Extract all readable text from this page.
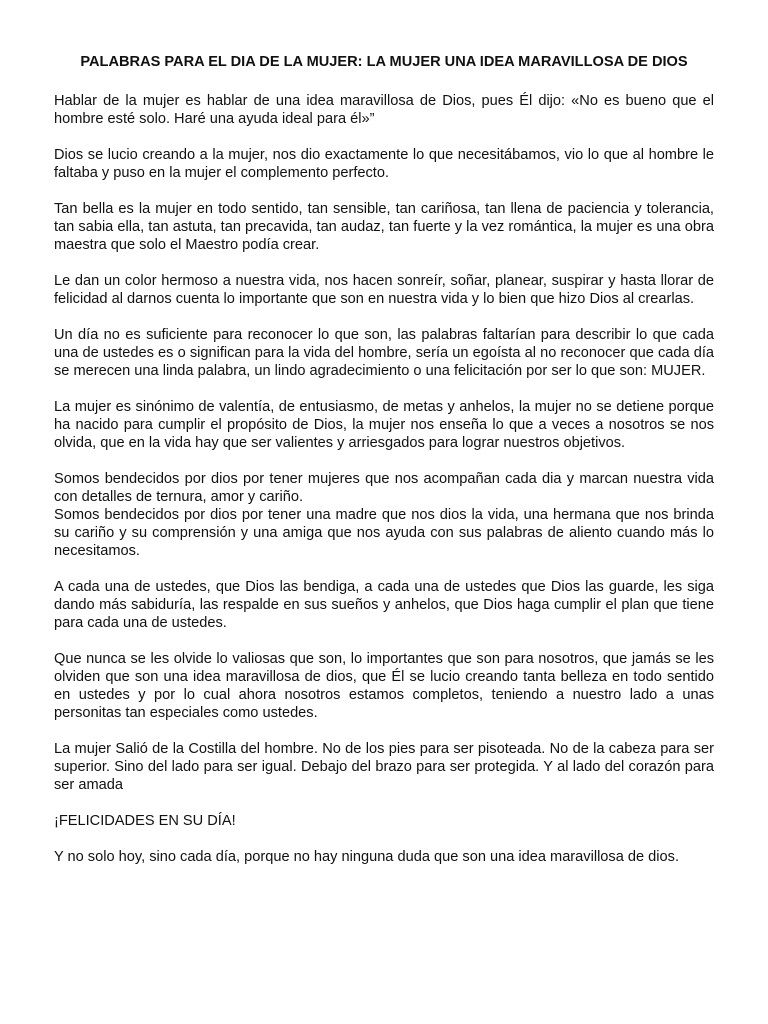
PALABRAS PARA EL DIA DE LA MUJER: LA MUJER UNA IDEA MARAVILLOSA DE DIOS

Hablar de la mujer es hablar de una idea maravillosa de Dios, pues Él dijo: «No es bueno que el hombre esté solo. Haré una ayuda ideal para él»”

Dios se lucio creando a la mujer, nos dio exactamente lo que necesitábamos, vio lo que al hombre le faltaba y puso en la mujer el complemento perfecto.

Tan bella es la mujer en todo sentido, tan sensible, tan cariñosa, tan llena de paciencia y tolerancia, tan sabia ella, tan astuta, tan precavida, tan audaz, tan fuerte y la vez romántica, la mujer es una obra maestra que solo el Maestro podía crear.

Le dan un color hermoso a nuestra vida, nos hacen sonreír, soñar, planear, suspirar y hasta llorar de felicidad al darnos cuenta lo importante que son en nuestra vida y lo bien que hizo Dios al crearlas.

Un día no es suficiente para reconocer lo que son, las palabras faltarían para describir lo que cada una de ustedes es o significan para la vida del hombre, sería un egoísta al no reconocer que cada día se merecen una linda palabra, un lindo agradecimiento o una felicitación por ser lo que son: MUJER.

La mujer es sinónimo de valentía, de entusiasmo, de metas y anhelos, la mujer no se detiene porque ha nacido para cumplir el propósito de Dios, la mujer nos enseña lo que a veces a nosotros se nos olvida, que en la vida hay que ser valientes y arriesgados para lograr nuestros objetivos.

Somos bendecidos por dios por tener mujeres que nos acompañan cada dia y marcan nuestra vida con detalles de ternura, amor y cariño.

Somos bendecidos por dios por tener una madre que nos dios la vida, una hermana que nos brinda su cariño y su comprensión y una amiga que nos ayuda con sus palabras de aliento cuando más lo necesitamos.

A cada una de ustedes, que Dios las bendiga, a cada una de ustedes que Dios las guarde, les siga dando más sabiduría, las respalde en sus sueños y anhelos, que Dios haga cumplir el plan que tiene para cada una de ustedes.

Que nunca se les olvide lo valiosas que son, lo importantes que son para nosotros, que jamás se les olviden que son una idea maravillosa de dios, que Él se lucio creando tanta belleza en todo sentido en ustedes y por lo cual ahora nosotros estamos completos, teniendo a nuestro lado a unas personitas tan especiales como ustedes.

La mujer Salió de la Costilla del hombre. No de los pies para ser pisoteada. No de la cabeza para ser superior. Sino del lado para ser igual. Debajo del brazo para ser protegida. Y al lado del corazón para ser amada

¡FELICIDADES EN SU DÍA!

Y no solo hoy, sino cada día, porque no hay ninguna duda que son una idea maravillosa de dios.
